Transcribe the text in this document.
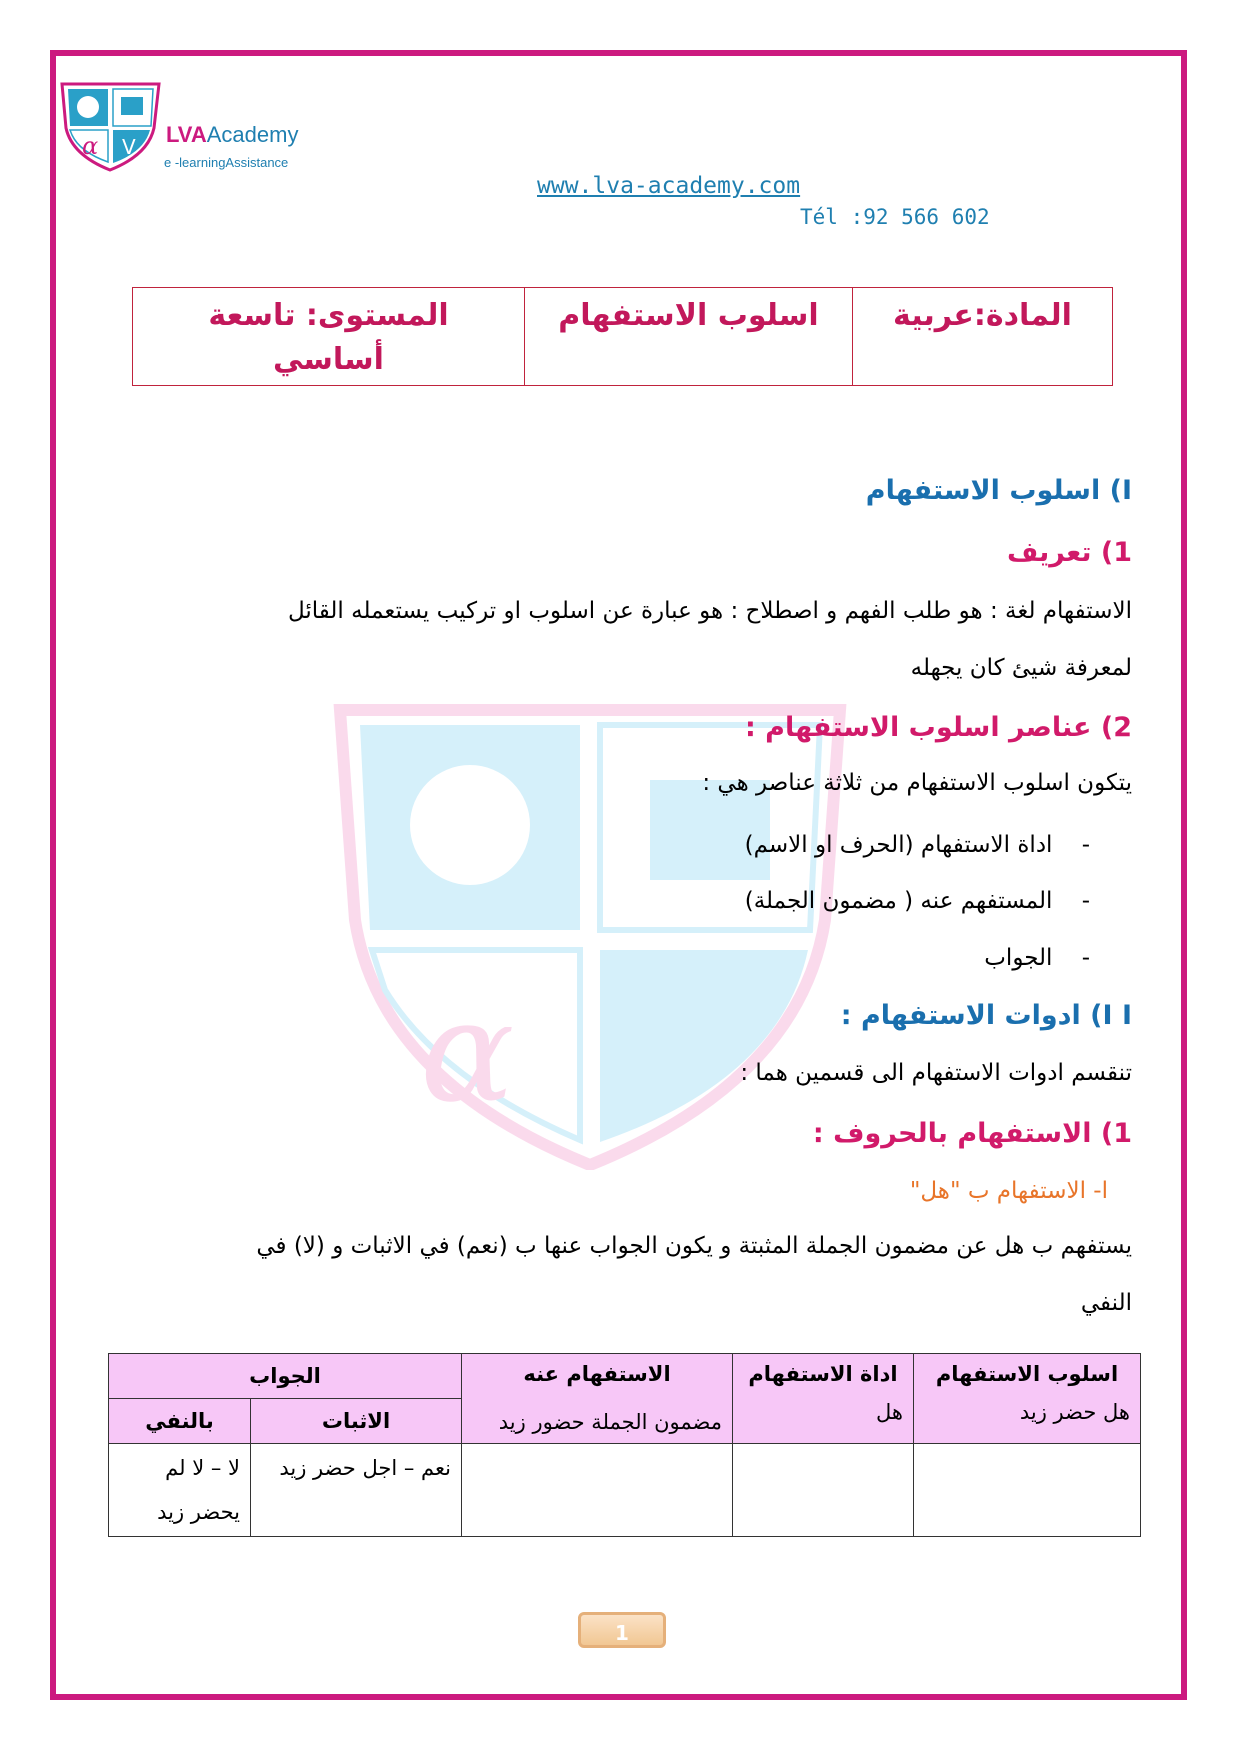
α V LVAAcademy
e -learningAssistance
www.lva-academy.com
Tél :92 566 602
α
المادة:عربية	اسلوب الاستفهام	
المستوى: تاسعة
أساسي
I) اسلوب الاستفهام
1) تعريف
الاستفهام لغة : هو طلب الفهم و اصطلاح : هو عبارة عن اسلوب او تركيب يستعمله القائل
لمعرفة شيئ كان يجهله
2) عناصر اسلوب الاستفهام :
يتكون اسلوب الاستفهام من ثلاثة عناصر هي :
-    اداة الاستفهام (الحرف او الاسم)
-    المستفهم عنه ( مضمون الجملة)
-    الجواب
I I) ادوات الاستفهام :
تنقسم ادوات الاستفهام الى قسمين هما :
1) الاستفهام بالحروف :
ا- الاستفهام ب "هل"
يستفهم ب هل عن مضمون الجملة المثبتة و يكون الجواب عنها ب (نعم) في الاثبات و (لا) في
النفي
اسلوب الاستفهام	اداة الاستفهام	الاستفهام عنه	الجواب	
			الاثبات	بالنفي

هل حضر زيد	هل	مضمون الجملة حضور زيد	نعم – اجل حضر زيد	لا – لا لم يحضر زيد
1
